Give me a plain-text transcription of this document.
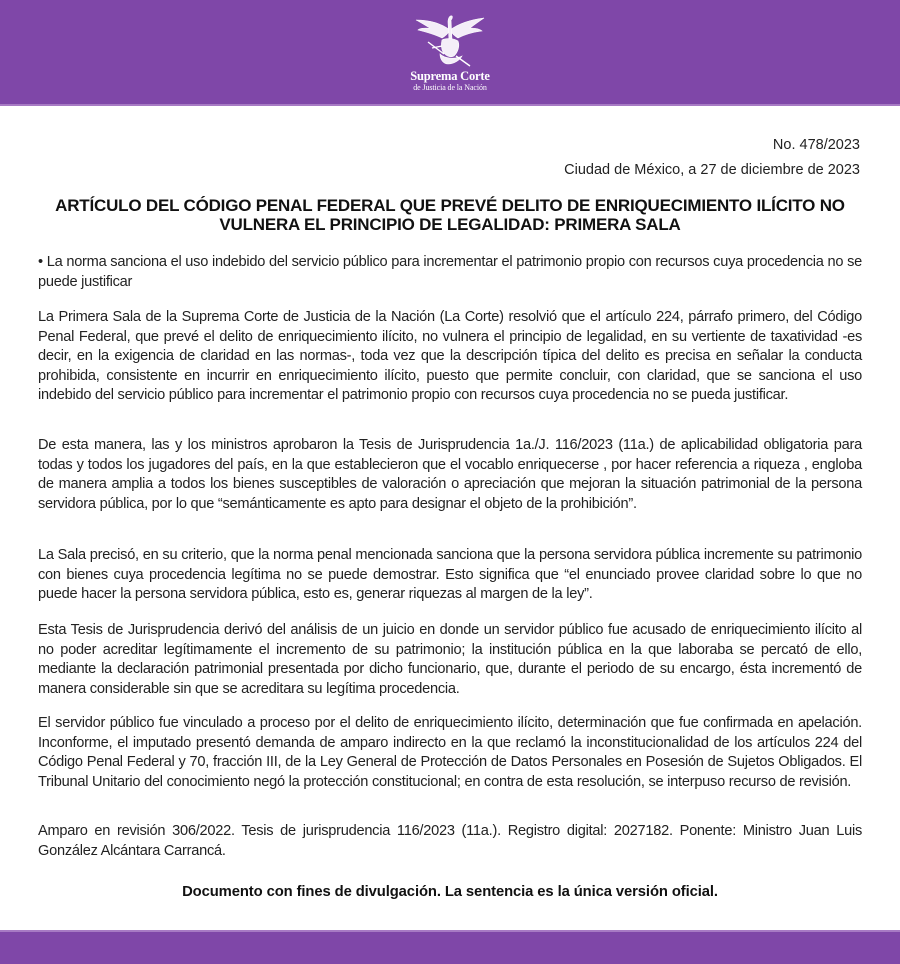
Suprema Corte
de Justicia de la Nación
No. 478/2023
Ciudad de México, a 27 de diciembre de 2023
ARTÍCULO DEL CÓDIGO PENAL FEDERAL QUE PREVÉ DELITO DE ENRIQUECIMIENTO ILÍCITO NO VULNERA EL PRINCIPIO DE LEGALIDAD: PRIMERA SALA

• La norma sanciona el uso indebido del servicio público para incrementar el patrimonio propio con recursos cuya procedencia no se puede justificar

La Primera Sala de la Suprema Corte de Justicia de la Nación (La Corte) resolvió que el artículo 224, párrafo primero, del Código Penal Federal, que prevé el delito de enriquecimiento ilícito, no vulnera el principio de legalidad, en su vertiente de taxatividad -es decir, en la exigencia de claridad en las normas-, toda vez que la descripción típica del delito es precisa en señalar la conducta prohibida, consistente en incurrir en enriquecimiento ilícito, puesto que permite concluir, con claridad, que se sanciona el uso indebido del servicio público para incrementar el patrimonio propio con recursos cuya procedencia no se pueda justificar.

De esta manera, las y los ministros aprobaron la Tesis de Jurisprudencia 1a./J. 116/2023 (11a.) de aplicabilidad obligatoria para todas y todos los jugadores del país, en la que establecieron que el vocablo enriquecerse , por hacer referencia a riqueza , engloba de manera amplia a todos los bienes susceptibles de valoración o apreciación que mejoran la situación patrimonial de la persona servidora pública, por lo que “semánticamente es apto para designar el objeto de la prohibición”.

La Sala precisó, en su criterio, que la norma penal mencionada sanciona que la persona servidora pública incremente su patrimonio con bienes cuya procedencia legítima no se puede demostrar. Esto significa que “el enunciado provee claridad sobre lo que no puede hacer la persona servidora pública, esto es, generar riquezas al margen de la ley”.

Esta Tesis de Jurisprudencia derivó del análisis de un juicio en donde un servidor público fue acusado de enriquecimiento ilícito al no poder acreditar legítimamente el incremento de su patrimonio; la institución pública en la que laboraba se percató de ello, mediante la declaración patrimonial presentada por dicho funcionario, que, durante el periodo de su encargo, ésta incrementó de manera considerable sin que se acreditara su legítima procedencia.

El servidor público fue vinculado a proceso por el delito de enriquecimiento ilícito, determinación que fue confirmada en apelación. Inconforme, el imputado presentó demanda de amparo indirecto en la que reclamó la inconstitucionalidad de los artículos 224 del Código Penal Federal y 70, fracción III, de la Ley General de Protección de Datos Personales en Posesión de Sujetos Obligados. El Tribunal Unitario del conocimiento negó la protección constitucional; en contra de esta resolución, se interpuso recurso de revisión.

Amparo en revisión 306/2022. Tesis de jurisprudencia 116/2023 (11a.). Registro digital: 2027182. Ponente: Ministro Juan Luis González Alcántara Carrancá.

Documento con fines de divulgación. La sentencia es la única versión oficial.
